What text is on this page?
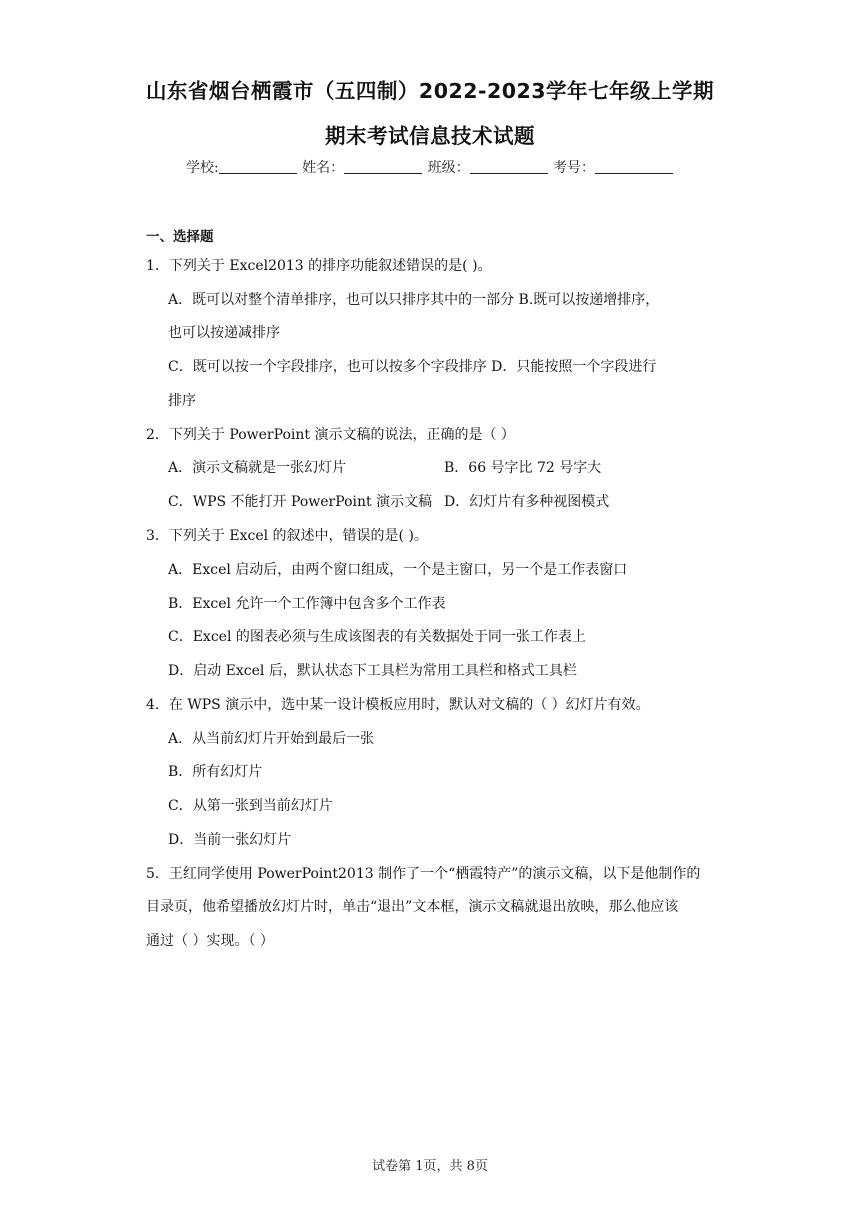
山东省烟台栖霞市（五四制）2022-2023学年七年级上学期
期末考试信息技术试题
学校:	姓名：	班级：	考号：
一、选择题
1．下列关于 Excel2013 的排序功能叙述错误的是( )。
A．既可以对整个清单排序，也可以只排序其中的一部分 B.既可以按递增排序，
也可以按递减排序
C．既可以按一个字段排序，也可以按多个字段排序 D．只能按照一个字段进行
排序
2．下列关于 PowerPoint 演示文稿的说法，正确的是（ ）
A．演示文稿就是一张幻灯片	B．66 号字比 72 号字大
C．WPS 不能打开 PowerPoint 演示文稿 D．幻灯片有多种视图模式
3．下列关于 Excel 的叙述中，错误的是( )。
A．Excel 启动后，由两个窗口组成，一个是主窗口，另一个是工作表窗口
B．Excel 允许一个工作簿中包含多个工作表
C．Excel 的图表必须与生成该图表的有关数据处于同一张工作表上
D．启动 Excel 后，默认状态下工具栏为常用工具栏和格式工具栏
4．在 WPS 演示中，选中某一设计模板应用时，默认对文稿的（ ）幻灯片有效。
A．从当前幻灯片开始到最后一张
B．所有幻灯片
C．从第一张到当前幻灯片
D．当前一张幻灯片
5．王红同学使用 PowerPoint2013 制作了一个“栖霞特产”的演示文稿，以下是他制作的
目录页，他希望播放幻灯片时，单击“退出”文本框，演示文稿就退出放映，那么他应该
通过（ ）实现。（ ）
试卷第 1页，共 8页
